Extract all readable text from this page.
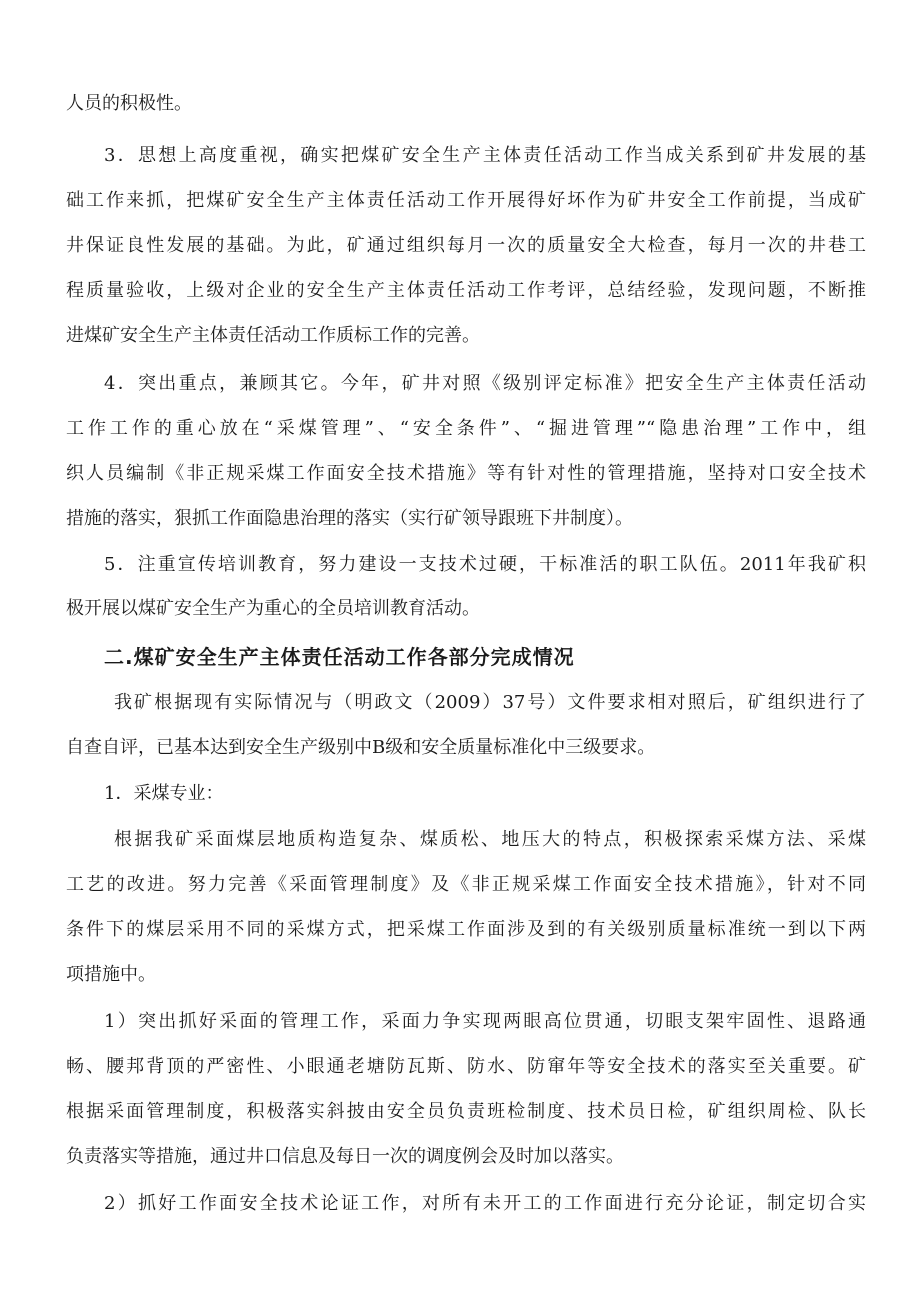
人员的积极性。
3．思想上高度重视，确实把煤矿安全生产主体责任活动工作当成关系到矿井发展的基
础工作来抓，把煤矿安全生产主体责任活动工作开展得好坏作为矿井安全工作前提，当成矿
井保证良性发展的基础。为此，矿通过组织每月一次的质量安全大检查，每月一次的井巷工
程质量验收，上级对企业的安全生产主体责任活动工作考评，总结经验，发现问题，不断推
进煤矿安全生产主体责任活动工作质标工作的完善。
4．突出重点，兼顾其它。今年，矿井对照《级别评定标准》把安全生产主体责任活动
工作工作的重心放在“采煤管理”、“安全条件”、“掘进管理”“隐患治理”工作中，组
织人员编制《非正规采煤工作面安全技术措施》等有针对性的管理措施，坚持对口安全技术
措施的落实，狠抓工作面隐患治理的落实（实行矿领导跟班下井制度）。
5．注重宣传培训教育，努力建设一支技术过硬，干标准活的职工队伍。2011年我矿积
极开展以煤矿安全生产为重心的全员培训教育活动。
二.煤矿安全生产主体责任活动工作各部分完成情况
我矿根据现有实际情况与（明政文（2009）37号）文件要求相对照后，矿组织进行了
自查自评，已基本达到安全生产级别中B级和安全质量标准化中三级要求。
1．采煤专业：
根据我矿采面煤层地质构造复杂、煤质松、地压大的特点，积极探索采煤方法、采煤
工艺的改进。努力完善《采面管理制度》及《非正规采煤工作面安全技术措施》，针对不同
条件下的煤层采用不同的采煤方式，把采煤工作面涉及到的有关级别质量标准统一到以下两
项措施中。
1）突出抓好采面的管理工作，采面力争实现两眼高位贯通，切眼支架牢固性、退路通
畅、腰邦背顶的严密性、小眼通老塘防瓦斯、防水、防窜年等安全技术的落实至关重要。矿
根据采面管理制度，积极落实斜披由安全员负责班检制度、技术员日检，矿组织周检、队长
负责落实等措施，通过井口信息及每日一次的调度例会及时加以落实。
2）抓好工作面安全技术论证工作，对所有未开工的工作面进行充分论证，制定切合实
